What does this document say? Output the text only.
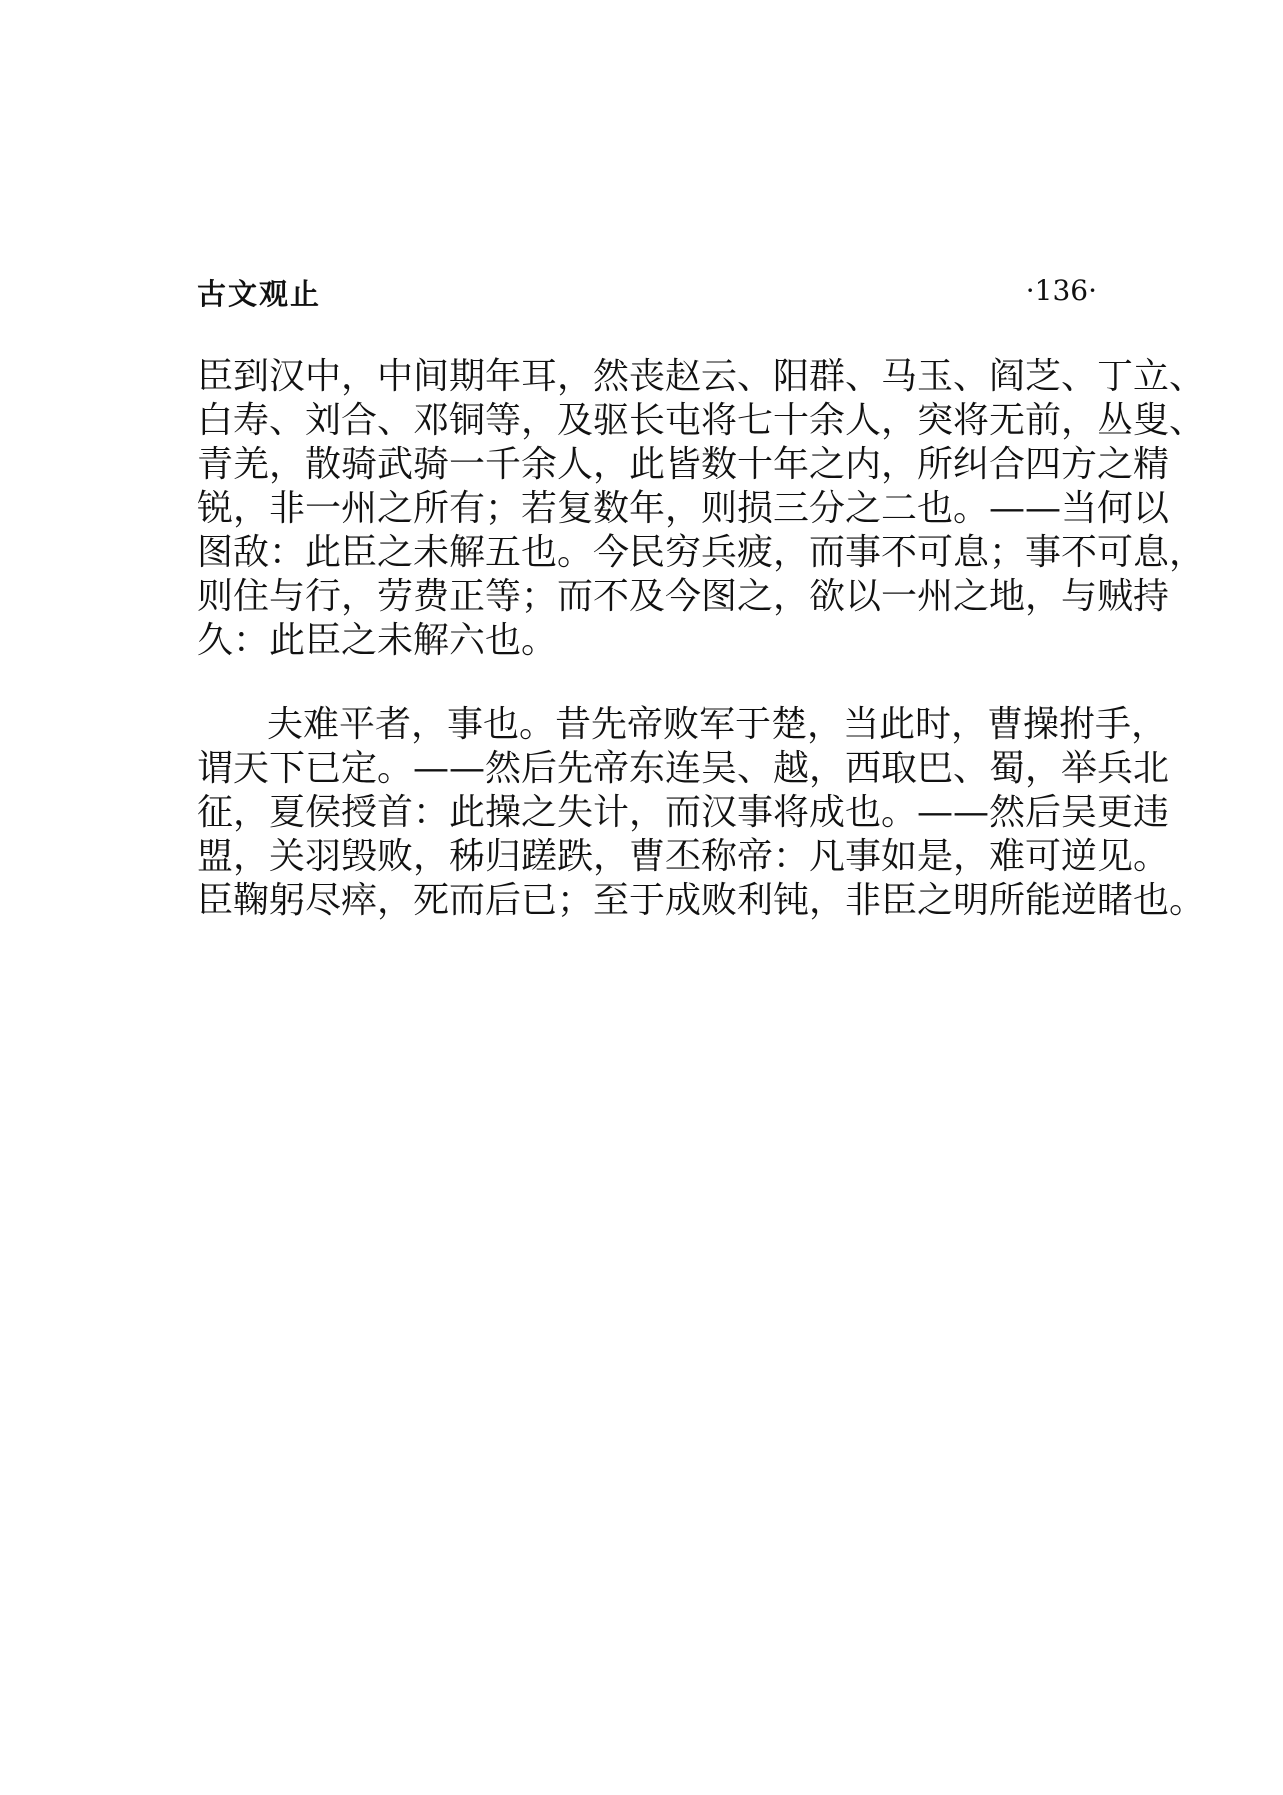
古文观止	·136·
臣到汉中，中间期年耳，然丧赵云、阳群、马玉、阎芝、丁立、
白寿、刘合、邓铜等，及驱长屯将七十余人，突将无前，丛叟、
青羌，散骑武骑一千余人，此皆数十年之内，所纠合四方之精
锐，非一州之所有；若复数年，则损三分之二也。——当何以
图敌：此臣之未解五也。今民穷兵疲，而事不可息；事不可息，
则住与行，劳费正等；而不及今图之，欲以一州之地，与贼持
久：此臣之未解六也。
夫难平者，事也。昔先帝败军于楚，当此时，曹操拊手，
谓天下已定。——然后先帝东连吴、越，西取巴、蜀，举兵北
征，夏侯授首：此操之失计，而汉事将成也。——然后吴更违
盟，关羽毁败，秭归蹉跌，曹丕称帝：凡事如是，难可逆见。
臣鞠躬尽瘁，死而后已；至于成败利钝，非臣之明所能逆睹也。
